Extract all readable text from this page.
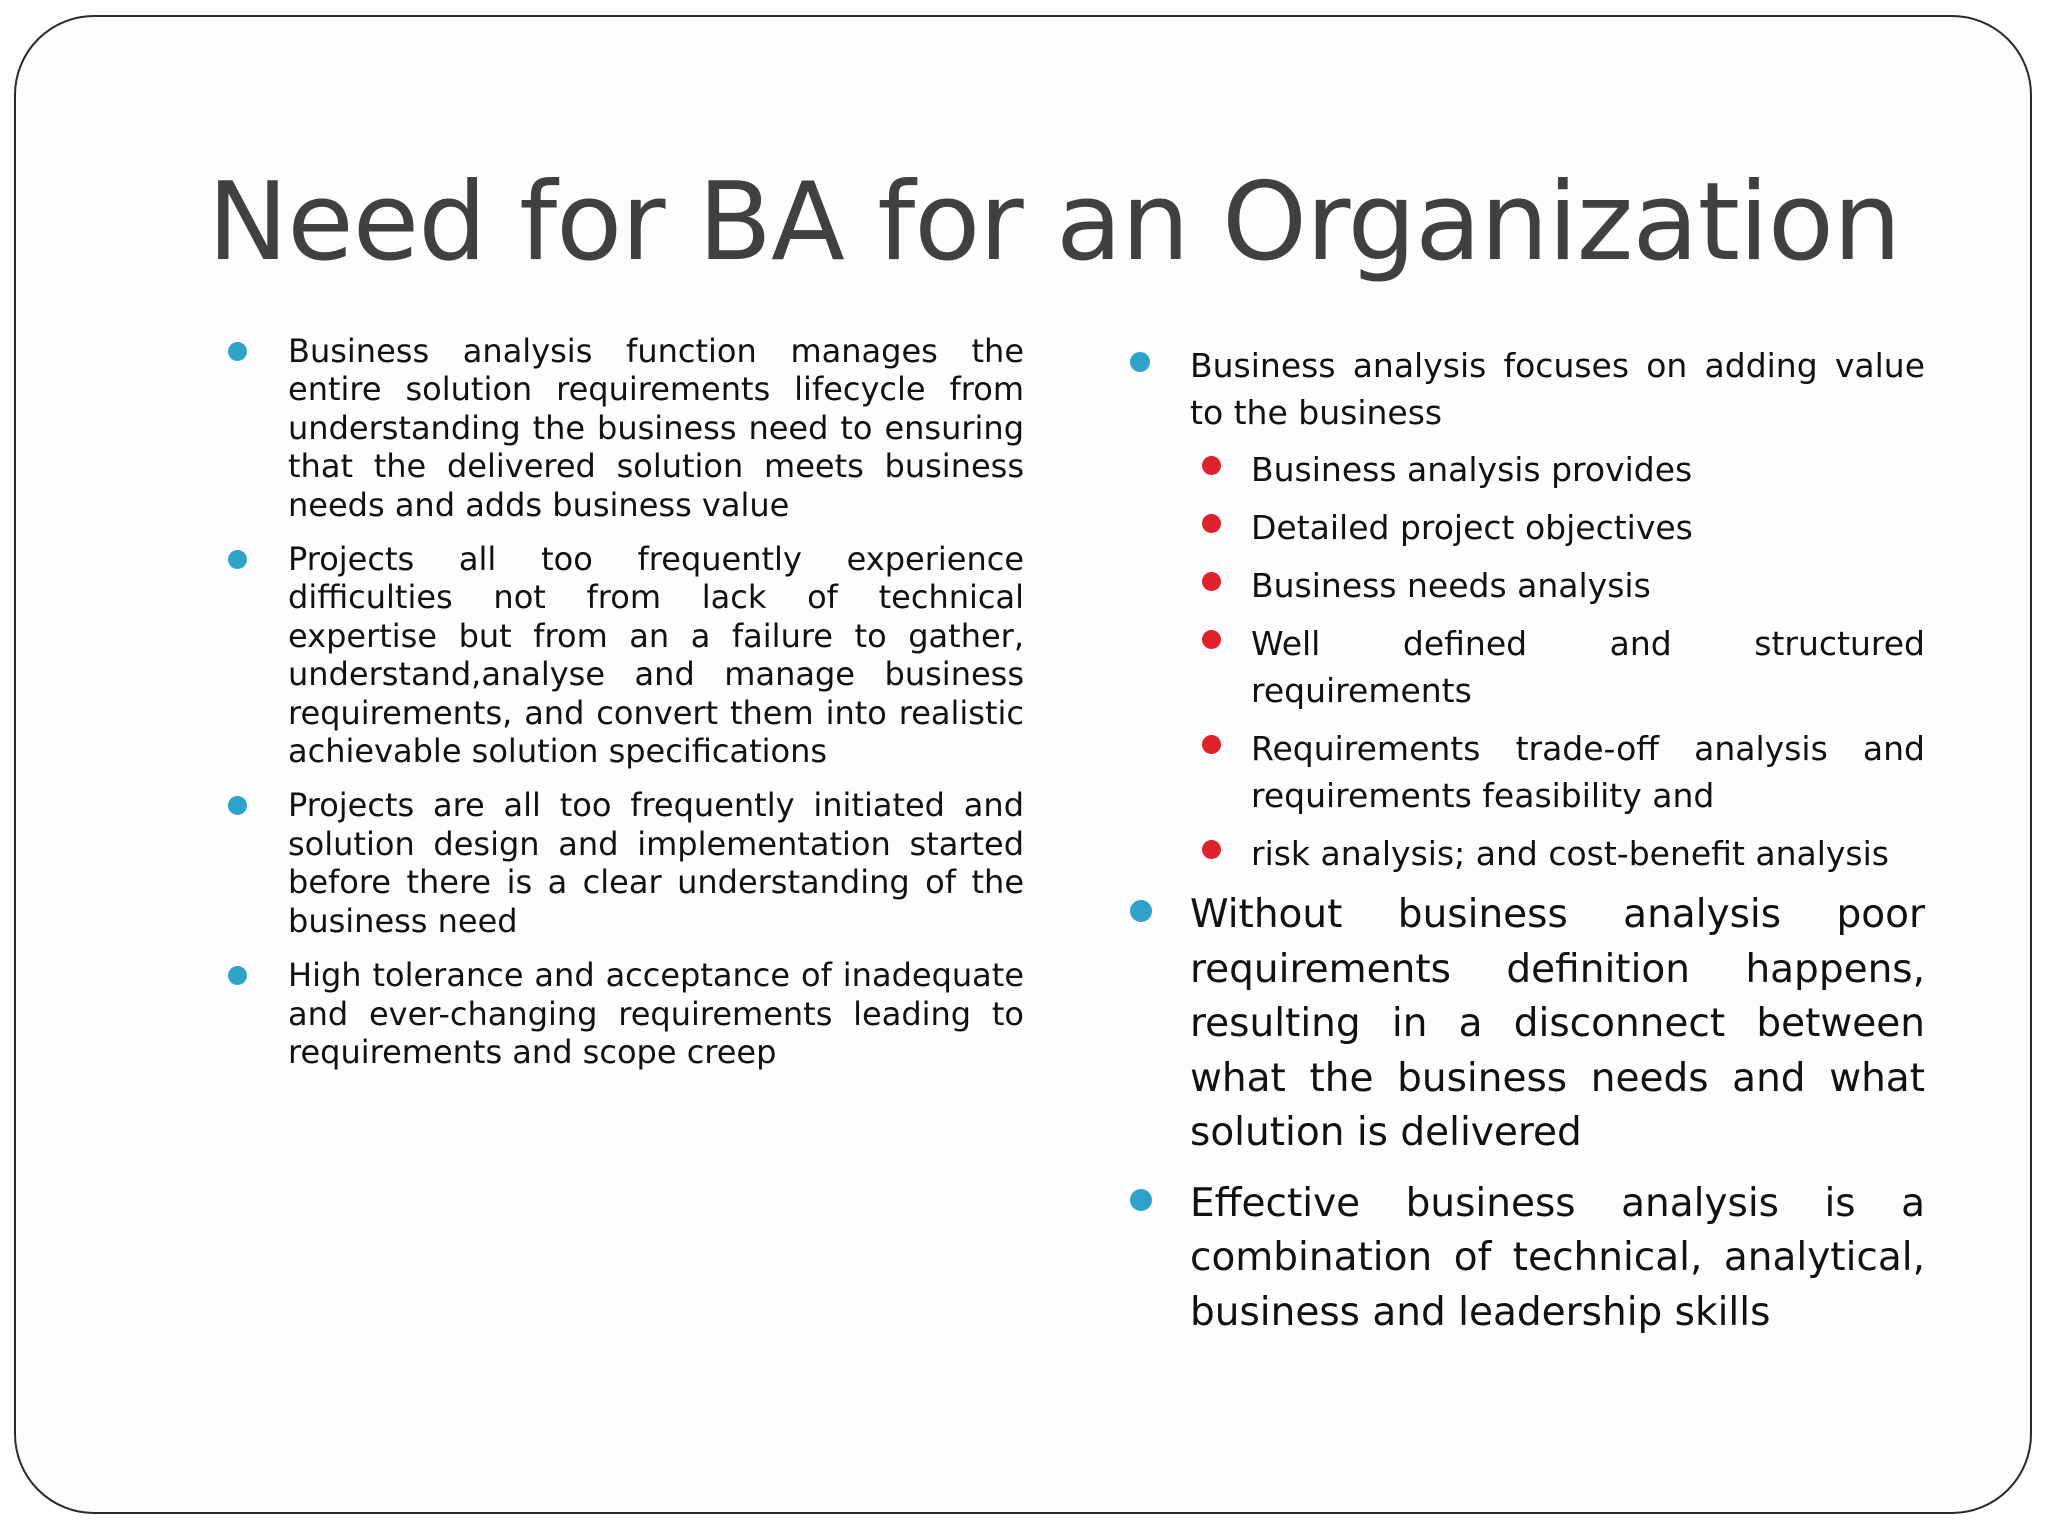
Need for BA for an Organization
Business analysis function manages the entire solution requirements lifecycle from understanding the business need to ensuring that the delivered solution meets business needs and adds business value
Projects all too frequently experience difficulties not from lack of technical expertise but from an a failure to gather, understand,analyse and manage business requirements, and convert them into realistic achievable solution specifications
Projects are all too frequently initiated and solution design and implementation started before there is a clear understanding of the business need
High tolerance and acceptance of inadequate and ever-changing requirements leading to requirements and scope creep
Business analysis focuses on adding value to the business
Business analysis provides
Detailed project objectives
Business needs analysis
Well defined and structured requirements
Requirements trade-off analysis and requirements feasibility and
risk analysis; and cost-benefit analysis
Without business analysis poor requirements definition happens, resulting in a disconnect between what the business needs and what solution is delivered
Effective business analysis is a combination of technical, analytical, business and leadership skills
